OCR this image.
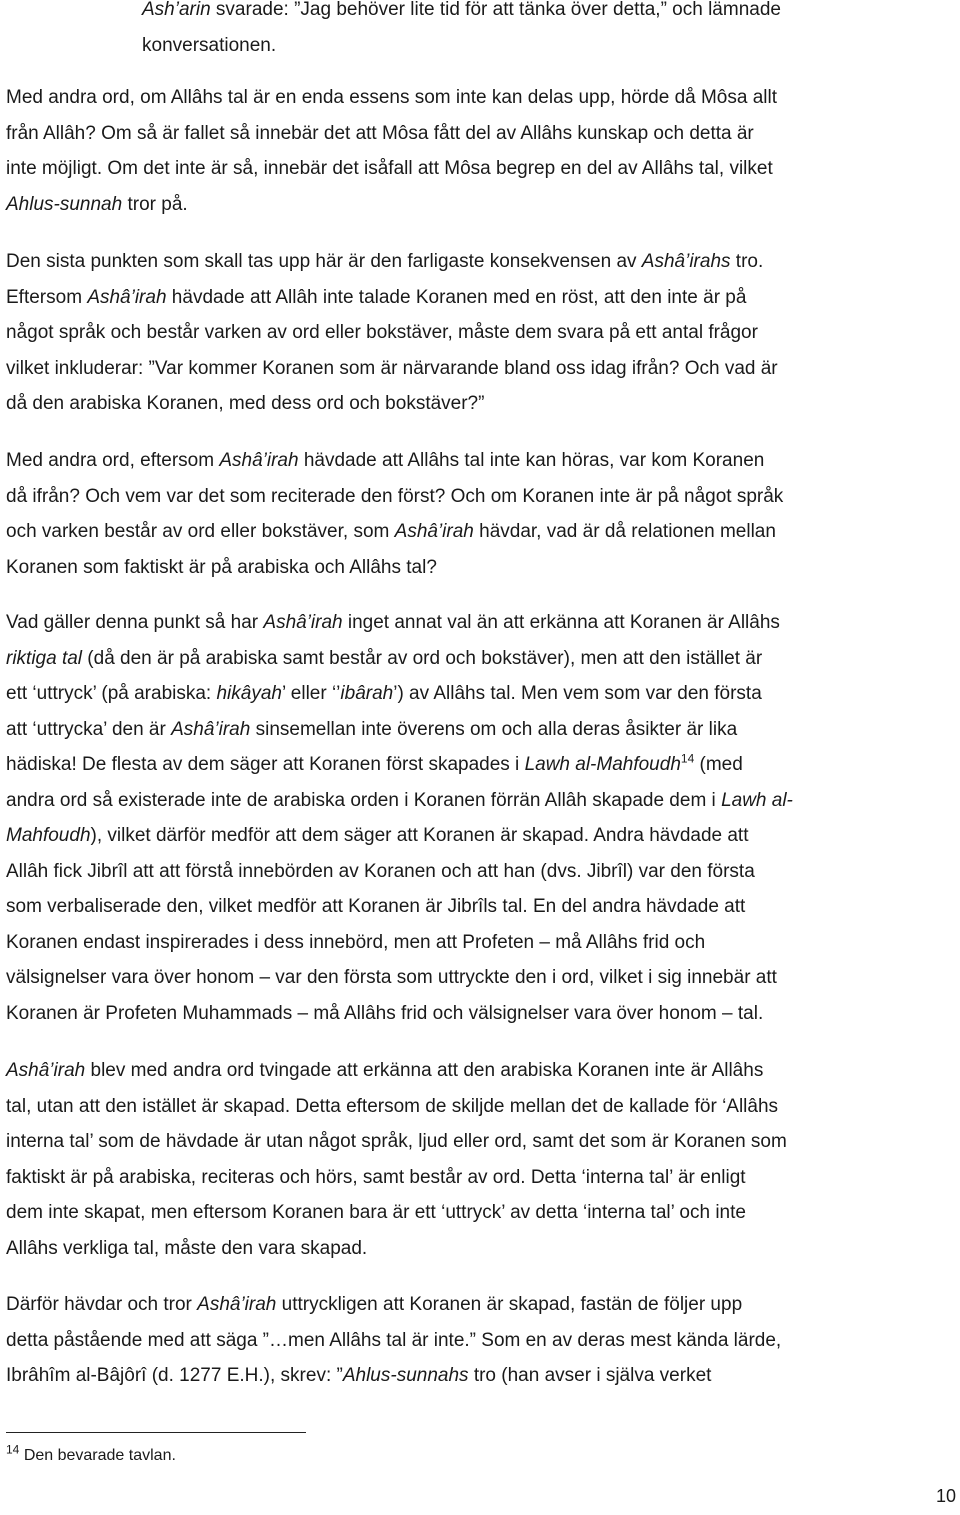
Ash’arin svarade: ”Jag behöver lite tid för att tänka över detta,” och lämnade
konversationen.
Med andra ord, om Allâhs tal är en enda essens som inte kan delas upp, hörde då Môsa allt
från Allâh? Om så är fallet så innebär det att Môsa fått del av Allâhs kunskap och detta är
inte möjligt. Om det inte är så, innebär det isåfall att Môsa begrep en del av Allâhs tal, vilket
Ahlus-sunnah tror på.
Den sista punkten som skall tas upp här är den farligaste konsekvensen av Ashâ’irahs tro.
Eftersom Ashâ’irah hävdade att Allâh inte talade Koranen med en röst, att den inte är på
något språk och består varken av ord eller bokstäver, måste dem svara på ett antal frågor
vilket inkluderar: ”Var kommer Koranen som är närvarande bland oss idag ifrån? Och vad är
då den arabiska Koranen, med dess ord och bokstäver?”
Med andra ord, eftersom Ashâ’irah hävdade att Allâhs tal inte kan höras, var kom Koranen
då ifrån? Och vem var det som reciterade den först? Och om Koranen inte är på något språk
och varken består av ord eller bokstäver, som Ashâ’irah hävdar, vad är då relationen mellan
Koranen som faktiskt är på arabiska och Allâhs tal?
Vad gäller denna punkt så har Ashâ’irah inget annat val än att erkänna att Koranen är Allâhs
riktiga tal (då den är på arabiska samt består av ord och bokstäver), men att den istället är
ett ‘uttryck’ (på arabiska: hikâyah’ eller ‘’ibârah’) av Allâhs tal. Men vem som var den första
att ‘uttrycka’ den är Ashâ’irah sinsemellan inte överens om och alla deras åsikter är lika
hädiska! De flesta av dem säger att Koranen först skapades i Lawh al-Mahfoudh$^{14}$ (med
andra ord så existerade inte de arabiska orden i Koranen förrän Allâh skapade dem i Lawh al-
Mahfoudh), vilket därför medför att dem säger att Koranen är skapad. Andra hävdade att
Allâh fick Jibrîl att att förstå innebörden av Koranen och att han (dvs. Jibrîl) var den första
som verbaliserade den, vilket medför att Koranen är Jibrîls tal. En del andra hävdade att
Koranen endast inspirerades i dess innebörd, men att Profeten – må Allâhs frid och
välsignelser vara över honom – var den första som uttryckte den i ord, vilket i sig innebär att
Koranen är Profeten Muhammads – må Allâhs frid och välsignelser vara över honom – tal.
Ashâ’irah blev med andra ord tvingade att erkänna att den arabiska Koranen inte är Allâhs
tal, utan att den istället är skapad. Detta eftersom de skiljde mellan det de kallade för ‘Allâhs
interna tal’ som de hävdade är utan något språk, ljud eller ord, samt det som är Koranen som
faktiskt är på arabiska, reciteras och hörs, samt består av ord. Detta ‘interna tal’ är enligt
dem inte skapat, men eftersom Koranen bara är ett ‘uttryck’ av detta ‘interna tal’ och inte
Allâhs verkliga tal, måste den vara skapad.
Därför hävdar och tror Ashâ’irah uttryckligen att Koranen är skapad, fastän de följer upp
detta påstående med att säga ”…men Allâhs tal är inte.” Som en av deras mest kända lärde,
Ibrâhîm al-Bâjôrî (d. 1277 E.H.), skrev: ”Ahlus-sunnahs tro (han avser i själva verket
$^{14}$ Den bevarade tavlan.
10
